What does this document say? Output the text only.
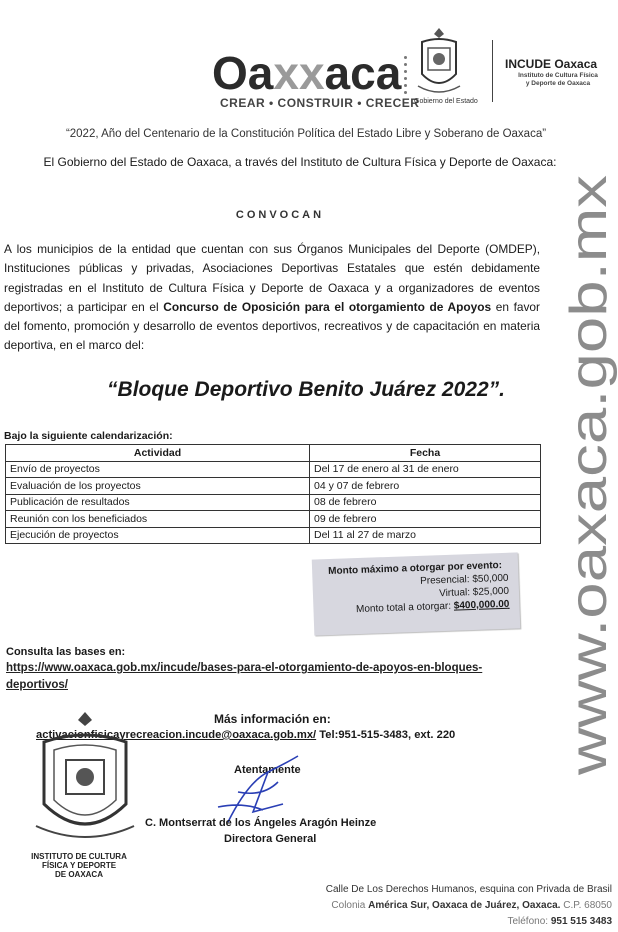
Oaxxaca
CREAR • CONSTRUIR • CRECER
Gobierno del Estado
INCUDE Oaxaca
Instituto de Cultura Física
y Deporte de Oaxaca
“2022, Año del Centenario de la Constitución Política del Estado Libre y Soberano de Oaxaca”
El Gobierno del Estado de Oaxaca, a través del Instituto de Cultura Física y Deporte de Oaxaca:
CONVOCAN
A los municipios de la entidad que cuentan con sus Órganos Municipales del Deporte (OMDEP), Instituciones públicas y privadas, Asociaciones Deportivas Estatales que estén debidamente registradas en el Instituto de Cultura Física y Deporte de Oaxaca y a organizadores de eventos deportivos; a participar en el Concurso de Oposición para el otorgamiento de Apoyos en favor del fomento, promoción y desarrollo de eventos deportivos, recreativos y de capacitación en materia deportiva, en el marco del:
“Bloque Deportivo Benito Juárez 2022”.
Bajo la siguiente calendarización:
Actividad	Fecha
Envío de proyectos	Del 17 de enero al 31 de enero
Evaluación de los proyectos	04 y 07 de febrero
Publicación de resultados	08 de febrero
Reunión con los beneficiados	09 de febrero
Ejecución de proyectos	Del 11 al 27 de marzo
Monto máximo a otorgar por evento:
Presencial: $50,000
Virtual: $25,000
Monto total a otorgar: $400,000.00
Consulta las bases en:
https://www.oaxaca.gob.mx/incude/bases-para-el-otorgamiento-de-apoyos-en-bloques-deportivos/
Más información en:
activacionfisicayrecreacion.incude@oaxaca.gob.mx/ Tel:951-515-3483, ext. 220
INSTITUTO DE CULTURA
FÍSICA Y DEPORTE
DE OAXACA
Atentamente
C. Montserrat de los Ángeles Aragón Heinze
Directora General
Calle De Los Derechos Humanos, esquina con Privada de Brasil
Colonia América Sur, Oaxaca de Juárez, Oaxaca. C.P. 68050
Teléfono: 951 515 3483
www.oaxaca.gob.mx
